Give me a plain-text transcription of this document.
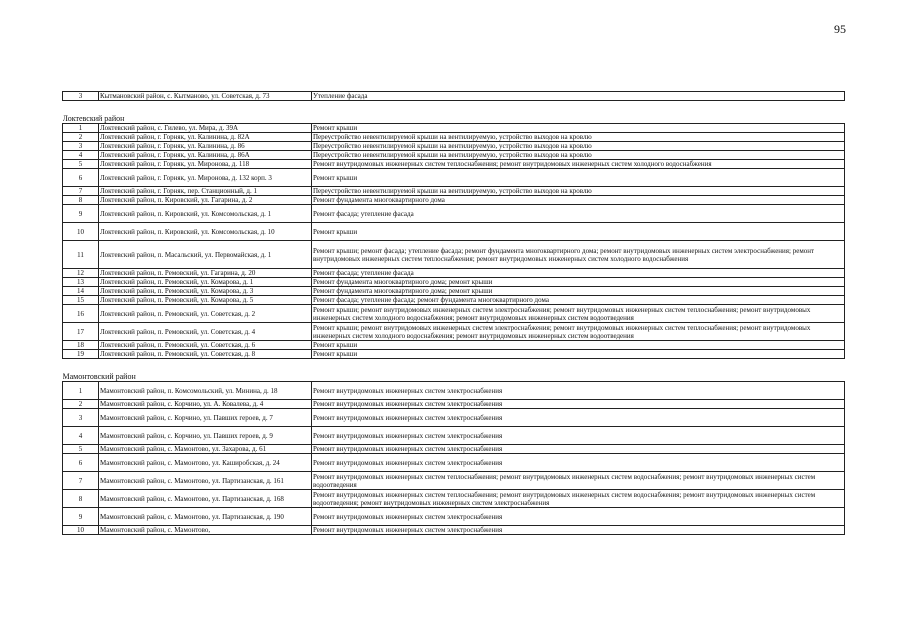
95
3	Кытмановский район, с. Кытманово, ул. Советская, д. 73	Утепление фасада

Локтевский район		
1	Локтевский район, с. Гилево, ул. Мира, д. 39А	Ремонт крыши
2	Локтевский район, г. Горняк, ул. Калинина, д. 82А	Переустройство невентилируемой крыши на вентилируемую, устройство выходов на кровлю
3	Локтевский район, г. Горняк, ул. Калинина, д. 86	Переустройство невентилируемой крыши на вентилируемую, устройство выходов на кровлю
4	Локтевский район, г. Горняк, ул. Калинина, д. 86А	Переустройство невентилируемой крыши на вентилируемую, устройство выходов на кровлю
5	Локтевский район, г. Горняк, ул. Миронова, д. 118	Ремонт внутридомовых инженерных систем теплоснабжения; ремонт внутридомовых инженерных систем холодного водоснабжения
6	Локтевский район, г. Горняк, ул. Миронова, д. 132 корп. 3	Ремонт крыши
7	Локтевский район, г. Горняк, пер. Станционный, д. 1	Переустройство невентилируемой крыши на вентилируемую, устройство выходов на кровлю
8	Локтевский район, п. Кировский, ул. Гагарина, д. 2	Ремонт фундамента многоквартирного дома
9	Локтевский район, п. Кировский, ул. Комсомольская, д. 1	Ремонт фасада; утепление фасада
10	Локтевский район, п. Кировский, ул. Комсомольская, д. 10	Ремонт крыши
11	Локтевский район, п. Масальский, ул. Первомайская, д. 1	Ремонт крыши; ремонт фасада; утепление фасада; ремонт фундамента многоквартирного дома; ремонт внутридомовых инженерных систем электроснабжения; ремонт внутридомовых инженерных систем теплоснабжения; ремонт внутридомовых инженерных систем холодного водоснабжения
12	Локтевский район, п. Ремовский, ул. Гагарина, д. 20	Ремонт фасада; утепление фасада
13	Локтевский район, п. Ремовский, ул. Комарова, д. 1	Ремонт фундамента многоквартирного дома; ремонт крыши
14	Локтевский район, п. Ремовский, ул. Комарова, д. 3	Ремонт фундамента многоквартирного дома; ремонт крыши
15	Локтевский район, п. Ремовский, ул. Комарова, д. 5	Ремонт фасада; утепление фасада; ремонт фундамента многоквартирного дома
16	Локтевский район, п. Ремовский, ул. Советская, д. 2	Ремонт крыши; ремонт внутридомовых инженерных систем электроснабжения; ремонт внутридомовых инженерных систем теплоснабжения; ремонт внутридомовых инженерных систем холодного водоснабжения; ремонт внутридомовых инженерных систем водоотведения
17	Локтевский район, п. Ремовский, ул. Советская, д. 4	Ремонт крыши; ремонт внутридомовых инженерных систем электроснабжения; ремонт внутридомовых инженерных систем теплоснабжения; ремонт внутридомовых инженерных систем холодного водоснабжения; ремонт внутридомовых инженерных систем водоотведения
18	Локтевский район, п. Ремовский, ул. Советская, д. 6	Ремонт крыши
19	Локтевский район, п. Ремовский, ул. Советская, д. 8	Ремонт крыши

Мамонтовский район		
1	Мамонтовский район, п. Комсомольский, ул. Минина, д. 18	Ремонт внутридомовых инженерных систем электроснабжения
2	Мамонтовский район, с. Корчино, ул. А. Ковалева, д. 4	Ремонт внутридомовых инженерных систем электроснабжения
3	Мамонтовский район, с. Корчино, ул. Павших героев, д. 7	Ремонт внутридомовых инженерных систем электроснабжения
4	Мамонтовский район, с. Корчино, ул. Павших героев, д. 9	Ремонт внутридомовых инженерных систем электроснабжения
5	Мамонтовский район, с. Мамонтово, ул. Захарова, д. 61	Ремонт внутридомовых инженерных систем электроснабжения
6	Мамонтовский район, с. Мамонтово, ул. Каширобская, д. 24	Ремонт внутридомовых инженерных систем электроснабжения
7	Мамонтовский район, с. Мамонтово, ул. Партизанская, д. 161	Ремонт внутридомовых инженерных систем теплоснабжения; ремонт внутридомовых инженерных систем водоснабжения; ремонт внутридомовых инженерных систем водоотведения
8	Мамонтовский район, с. Мамонтово, ул. Партизанская, д. 168	Ремонт внутридомовых инженерных систем теплоснабжения; ремонт внутридомовых инженерных систем водоснабжения; ремонт внутридомовых инженерных систем водоотведения; ремонт внутридомовых инженерных систем электроснабжения
9	Мамонтовский район, с. Мамонтово, ул. Партизанская, д. 190	Ремонт внутридомовых инженерных систем электроснабжения
10	Мамонтовский район, с. Мамонтово,	Ремонт внутридомовых инженерных систем электроснабжения
